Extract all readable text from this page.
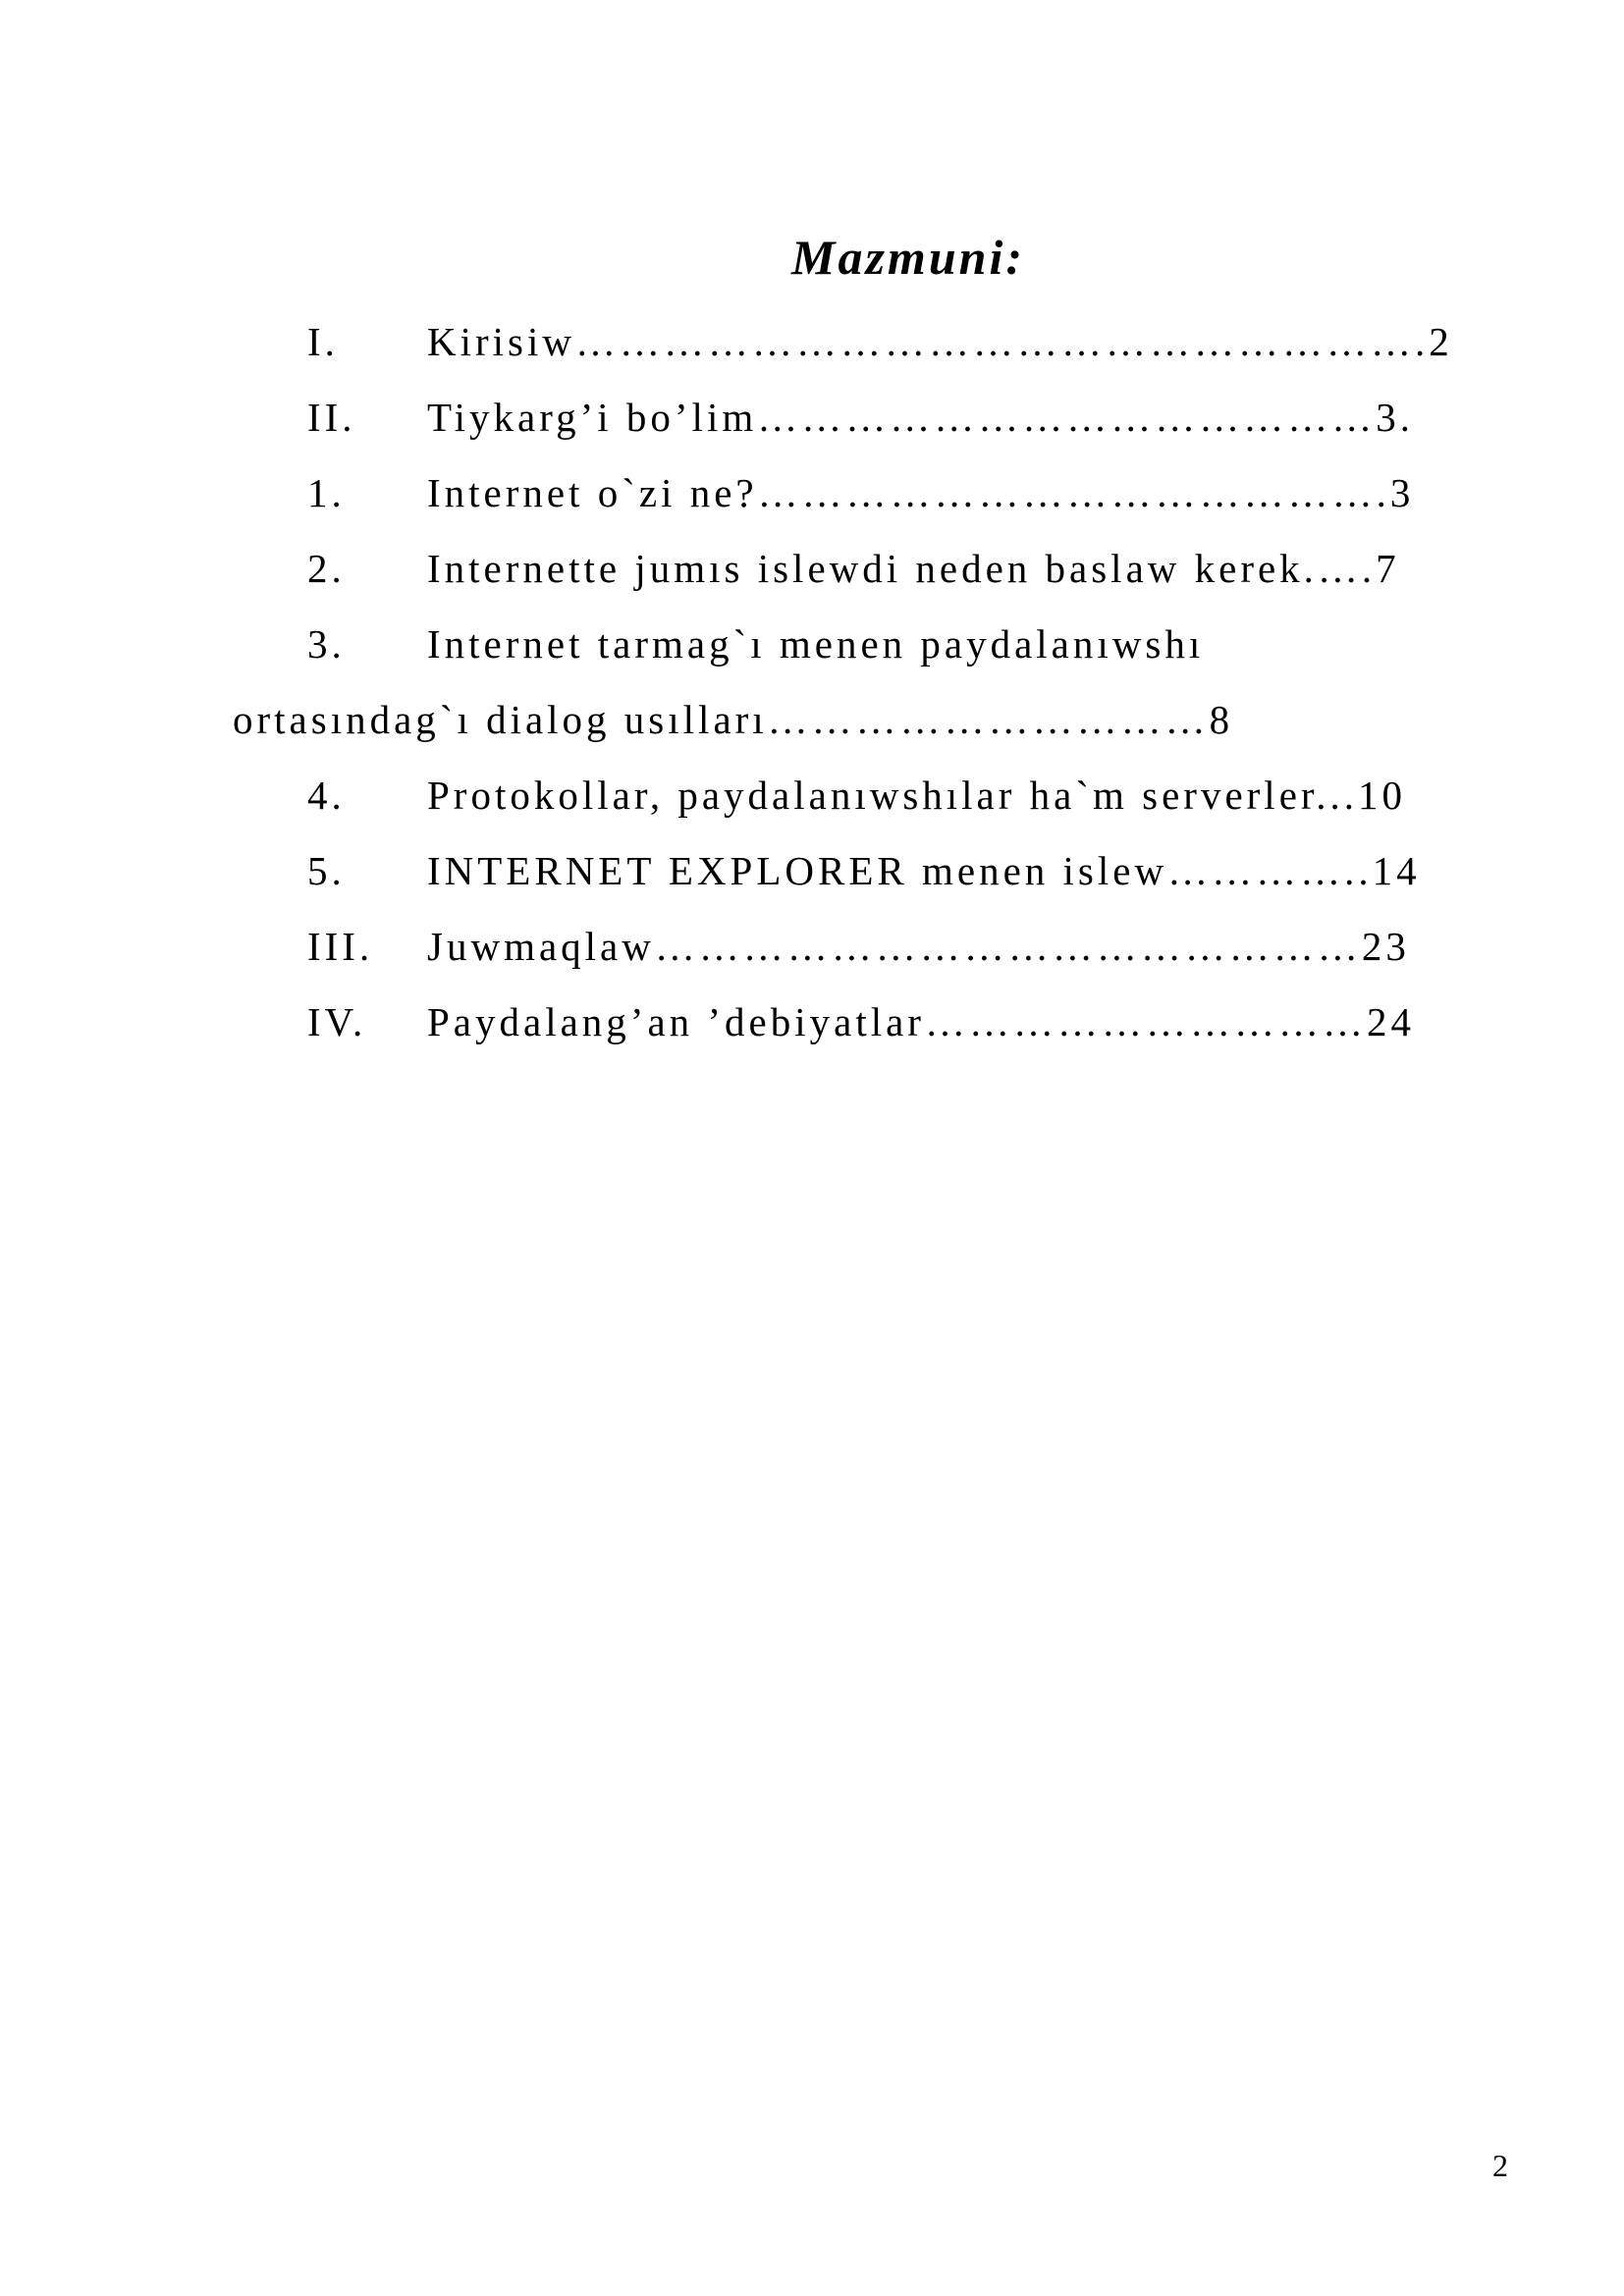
Mazmuni:
I. Kirisiw………………………………………………….2
II. Tiykarg’i bo’lim……………………………………3.
1. Internet o`zi ne?…………………………………….3
2. Internette jumıs islewdi neden baslaw kerek.….7
3. Internet tarmag`ı menen paydalanıwshı
ortasındag`ı dialog usılları…………………………8
4. Protokollar, paydalanıwshılar ha`m serverler...10
5. INTERNET EXPLORER menen islew…………..14
III. Juwmaqlaw…………………………………………23
IV. Paydalang’an ’debiyatlar…………………………24
2
